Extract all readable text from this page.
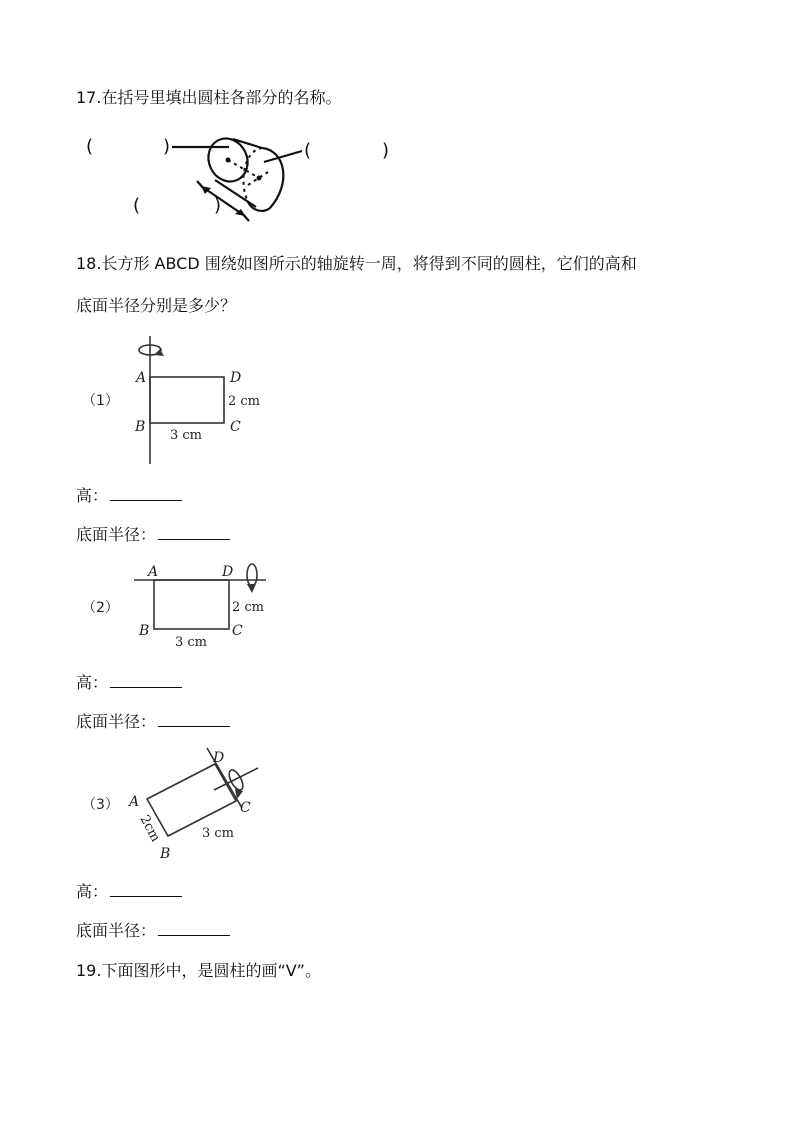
17.在括号里填出圆柱各部分的名称。
(	)	(	)
(	)
18.长方形 ABCD 围绕如图所示的轴旋转一周，将得到不同的圆柱，它们的高和
底面半径分别是多少？
（1）
A
B	C
D
2 cm
3 cm
高：
底面半径：
（2）
A
B	C
D
2 cm
3 cm
高：
底面半径：
（3） A
B
C
D
2cm	3 cm
高：
底面半径：
19.下面图形中，是圆柱的画“V”。
